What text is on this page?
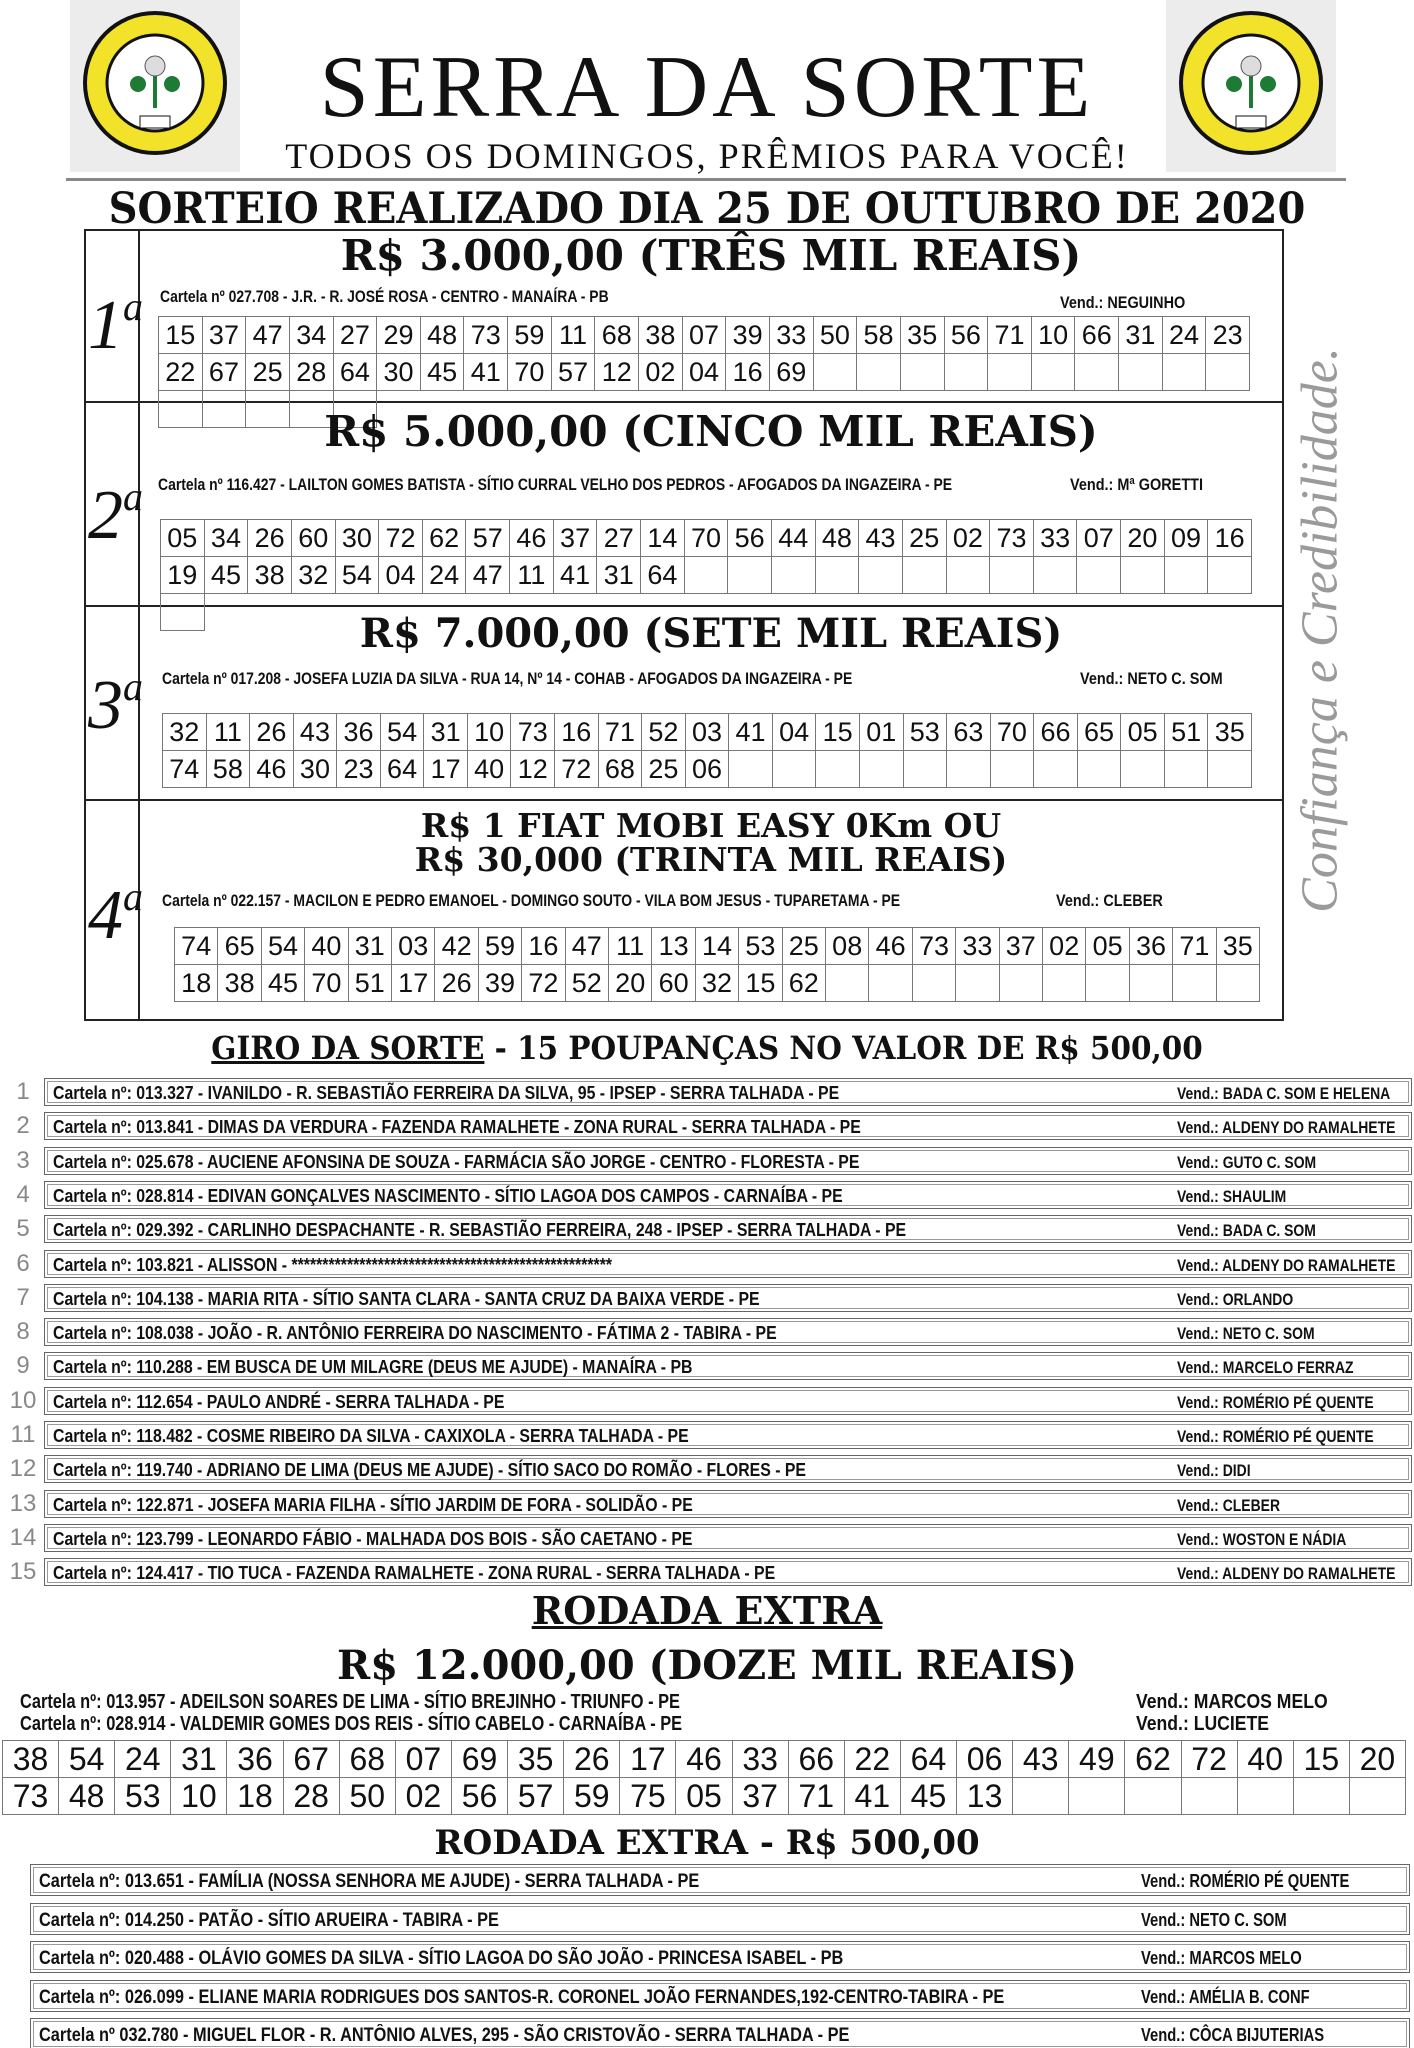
SERRA DA SORTE
TODOS OS DOMINGOS, PRÊMIOS PARA VOCÊ!
SORTEIO REALIZADO DIA 25 DE OUTUBRO DE 2020
1$^a$
R$ 3.000,00 (TRÊS MIL REAIS)
Cartela nº 027.708 - J.R. - R. JOSÉ ROSA - CENTRO - MANAÍRA - PB	Vend.: NEGUINHO
15 37 47 34 27 29 48 73 59 11 68 38 07 39 33 50 58 35 56 71 10 66 31 24 23
22 67 25 28 64 30 45 41 70 57 12 02 04 16 69
2$^a$
R$ 5.000,00 (CINCO MIL REAIS)
Cartela nº 116.427 - LAILTON GOMES BATISTA - SÍTIO CURRAL VELHO DOS PEDROS - AFOGADOS DA INGAZEIRA - PE	Vend.: Mª GORETTI
05 34 26 60 30 72 62 57 46 37 27 14 70 56 44 48 43 25 02 73 33 07 20 09 16
19 45 38 32 54 04 24 47 11 41 31 64
3$^a$
R$ 7.000,00 (SETE MIL REAIS)
Cartela nº 017.208 - JOSEFA LUZIA DA SILVA - RUA 14, Nº 14 - COHAB - AFOGADOS DA INGAZEIRA - PE	Vend.: NETO C. SOM
32 11 26 43 36 54 31 10 73 16 71 52 03 41 04 15 01 53 63 70 66 65 05 51 35
74 58 46 30 23 64 17 40 12 72 68 25 06
4$^a$
R$ 1 FIAT MOBI EASY 0Km OU
R$ 30,000 (TRINTA MIL REAIS)
Cartela nº 022.157 - MACILON E PEDRO EMANOEL - DOMINGO SOUTO - VILA BOM JESUS - TUPARETAMA - PE	Vend.: CLEBER
74 65 54 40 31 03 42 59 16 47 11 13 14 53 25 08 46 73 33 37 02 05 36 71 35
18 38 45 70 51 17 26 39 72 52 20 60 32 15 62
Confiança e Credibilidade.
GIRO DA SORTE - 15 POUPANÇAS NO VALOR DE R$ 500,00
1	Cartela nº: 013.327 - IVANILDO - R. SEBASTIÃO FERREIRA DA SILVA, 95 - IPSEP - SERRA TALHADA - PE	Vend.: BADA C. SOM E HELENA
2	Cartela nº: 013.841 - DIMAS DA VERDURA - FAZENDA RAMALHETE - ZONA RURAL - SERRA TALHADA - PE	Vend.: ALDENY DO RAMALHETE
3	Cartela nº: 025.678 - AUCIENE AFONSINA DE SOUZA - FARMÁCIA SÃO JORGE - CENTRO - FLORESTA - PE	Vend.: GUTO C. SOM
4	Cartela nº: 028.814 - EDIVAN GONÇALVES NASCIMENTO - SÍTIO LAGOA DOS CAMPOS - CARNAÍBA - PE	Vend.: SHAULIM
5	Cartela nº: 029.392 - CARLINHO DESPACHANTE - R. SEBASTIÃO FERREIRA, 248 - IPSEP - SERRA TALHADA - PE	Vend.: BADA C. SOM
6	Cartela nº: 103.821 - ALISSON - ****************************************************	Vend.: ALDENY DO RAMALHETE
7	Cartela nº: 104.138 - MARIA RITA - SÍTIO SANTA CLARA - SANTA CRUZ DA BAIXA VERDE - PE	Vend.: ORLANDO
8	Cartela nº: 108.038 - JOÃO - R. ANTÔNIO FERREIRA DO NASCIMENTO - FÁTIMA 2 - TABIRA - PE	Vend.: NETO C. SOM
9	Cartela nº: 110.288 - EM BUSCA DE UM MILAGRE (DEUS ME AJUDE) - MANAÍRA - PB	Vend.: MARCELO FERRAZ
10 Cartela nº: 112.654 - PAULO ANDRÉ - SERRA TALHADA - PE	Vend.: ROMÉRIO PÉ QUENTE
11 Cartela nº: 118.482 - COSME RIBEIRO DA SILVA - CAXIXOLA - SERRA TALHADA - PE	Vend.: ROMÉRIO PÉ QUENTE
12 Cartela nº: 119.740 - ADRIANO DE LIMA (DEUS ME AJUDE) - SÍTIO SACO DO ROMÃO - FLORES - PE	Vend.: DIDI
13 Cartela nº: 122.871 - JOSEFA MARIA FILHA - SÍTIO JARDIM DE FORA - SOLIDÃO - PE	Vend.: CLEBER
14 Cartela nº: 123.799 - LEONARDO FÁBIO - MALHADA DOS BOIS - SÃO CAETANO - PE	Vend.: WOSTON E NÁDIA
15 Cartela nº: 124.417 - TIO TUCA - FAZENDA RAMALHETE - ZONA RURAL - SERRA TALHADA - PE	Vend.: ALDENY DO RAMALHETE
RODADA EXTRA
R$ 12.000,00 (DOZE MIL REAIS)
Cartela nº: 013.957 - ADEILSON SOARES DE LIMA - SÍTIO BREJINHO - TRIUNFO - PE	Vend.: MARCOS MELO
Cartela nº: 028.914 - VALDEMIR GOMES DOS REIS - SÍTIO CABELO - CARNAÍBA - PE	Vend.: LUCIETE
38 54 24 31 36 67 68 07 69 35 26 17 46 33 66 22 64 06 43 49 62 72 40 15 20
73 48 53 10 18 28 50 02 56 57 59 75 05 37 71 41 45 13
RODADA EXTRA - R$ 500,00
Cartela nº: 013.651 - FAMÍLIA (NOSSA SENHORA ME AJUDE) - SERRA TALHADA - PE	Vend.: ROMÉRIO PÉ QUENTE
Cartela nº: 014.250 - PATÃO - SÍTIO ARUEIRA - TABIRA - PE	Vend.: NETO C. SOM
Cartela nº: 020.488 - OLÁVIO GOMES DA SILVA - SÍTIO LAGOA DO SÃO JOÃO - PRINCESA ISABEL - PB	Vend.: MARCOS MELO
Cartela nº: 026.099 - ELIANE MARIA RODRIGUES DOS SANTOS-R. CORONEL JOÃO FERNANDES,192-CENTRO-TABIRA - PE	Vend.: AMÉLIA B. CONF
Cartela nº 032.780 - MIGUEL FLOR - R. ANTÔNIO ALVES, 295 - SÃO CRISTOVÃO - SERRA TALHADA - PE	Vend.: CÔCA BIJUTERIAS
